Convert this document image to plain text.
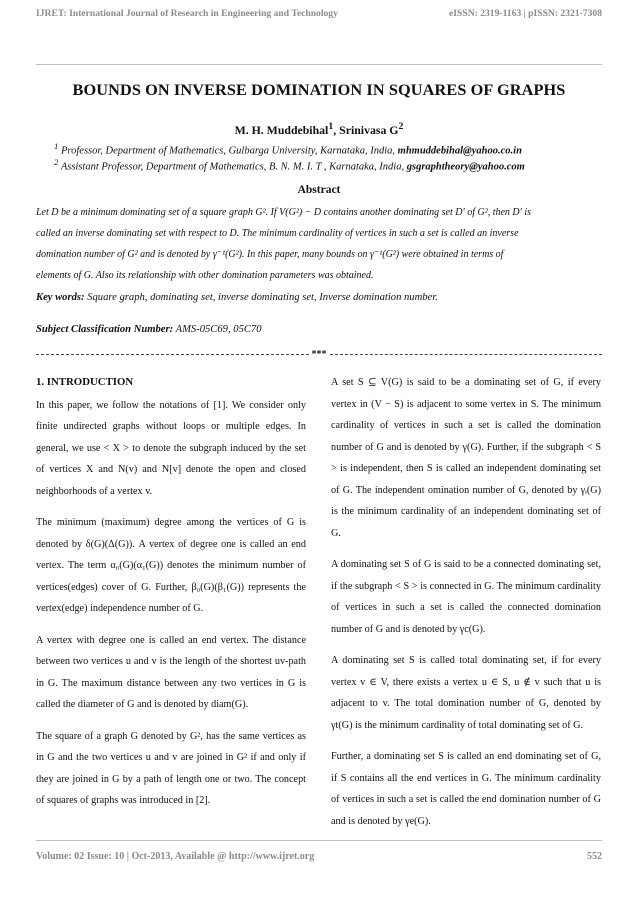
IJRET: International Journal of Research in Engineering and Technology	eISSN: 2319-1163 | pISSN: 2321-7308
BOUNDS ON INVERSE DOMINATION IN SQUARES OF GRAPHS
M. H. Muddebihal$^1$, Srinivasa $G^2$
$^1$ Professor, Department of Mathematics, Gulbarga University, Karnataka, India, mhmuddebihal@yahoo.co.in
$^2$ Assistant Professor, Department of Mathematics, B. N. M. I. T , Karnataka, India, gsgraphtheory@yahoo.com
Abstract
Let D be a minimum dominating set of a square graph G². If V(G²) − D contains another dominating set D′ of G², then D′ is
called an inverse dominating set with respect to D. The minimum cardinality of vertices in such a set is called an inverse
domination number of G² and is denoted by γ⁻¹(G²). In this paper, many bounds on γ⁻¹(G²) were obtained in terms of
elements of G. Also its relationship with other domination parameters was obtained.
Key words: Square graph, dominating set, inverse dominating set, Inverse domination number.
Subject Classification Number: AMS-05C69, 05C70
***
1. INTRODUCTION

In this paper, we follow the notations of [1]. We consider only finite undirected graphs without loops or multiple edges. In general, we use < X > to denote the subgraph induced by the set of vertices X and N(v) and N[v] denote the open and closed neighborhoods of a vertex v.

The minimum (maximum) degree among the vertices of G is denoted by δ(G)(Δ(G)). A vertex of degree one is called an end vertex. The term α₀(G)(α₁(G)) denotes the minimum number of vertices(edges) cover of G. Further, β₀(G)(β₁(G)) represents the vertex(edge) independence number of G.

A vertex with degree one is called an end vertex. The distance between two vertices u and v is the length of the shortest uv-path in G. The maximum distance between any two vertices in G is called the diameter of G and is denoted by diam(G).

The square of a graph G denoted by G², has the same vertices as in G and the two vertices u and v are joined in G² if and only if they are joined in G by a path of length one or two. The concept of squares of graphs was introduced in [2].

A set S ⊆ V(G) is said to be a dominating set of G, if every vertex in (V − S) is adjacent to some vertex in S. The minimum cardinality of vertices in such a set is called the domination number of G and is denoted by γ(G). Further, if the subgraph < S > is independent, then S is called an independent dominating set of G. The independent omination number of G, denoted by γᵢ(G) is the minimum cardinality of an independent dominating set of G.

A dominating set S of G is said to be a connected dominating set, if the subgraph < S > is connected in G. The minimum cardinality of vertices in such a set is called the connected domination number of G and is denoted by γc(G).

A dominating set S is called total dominating set, if for every vertex v ∈ V, there exists a vertex u ∈ S, u ∉ v such that u is adjacent to v. The total domination number of G, denoted by γt(G) is the minimum cardinality of total dominating set of G.

Further, a dominating set S is called an end dominating set of G, if S contains all the end vertices in G. The minimum cardinality of vertices in such a set is called the end domination number of G and is denoted by γe(G).

Volume: 02 Issue: 10 | Oct-2013, Available @ http://www.ijret.org	552
